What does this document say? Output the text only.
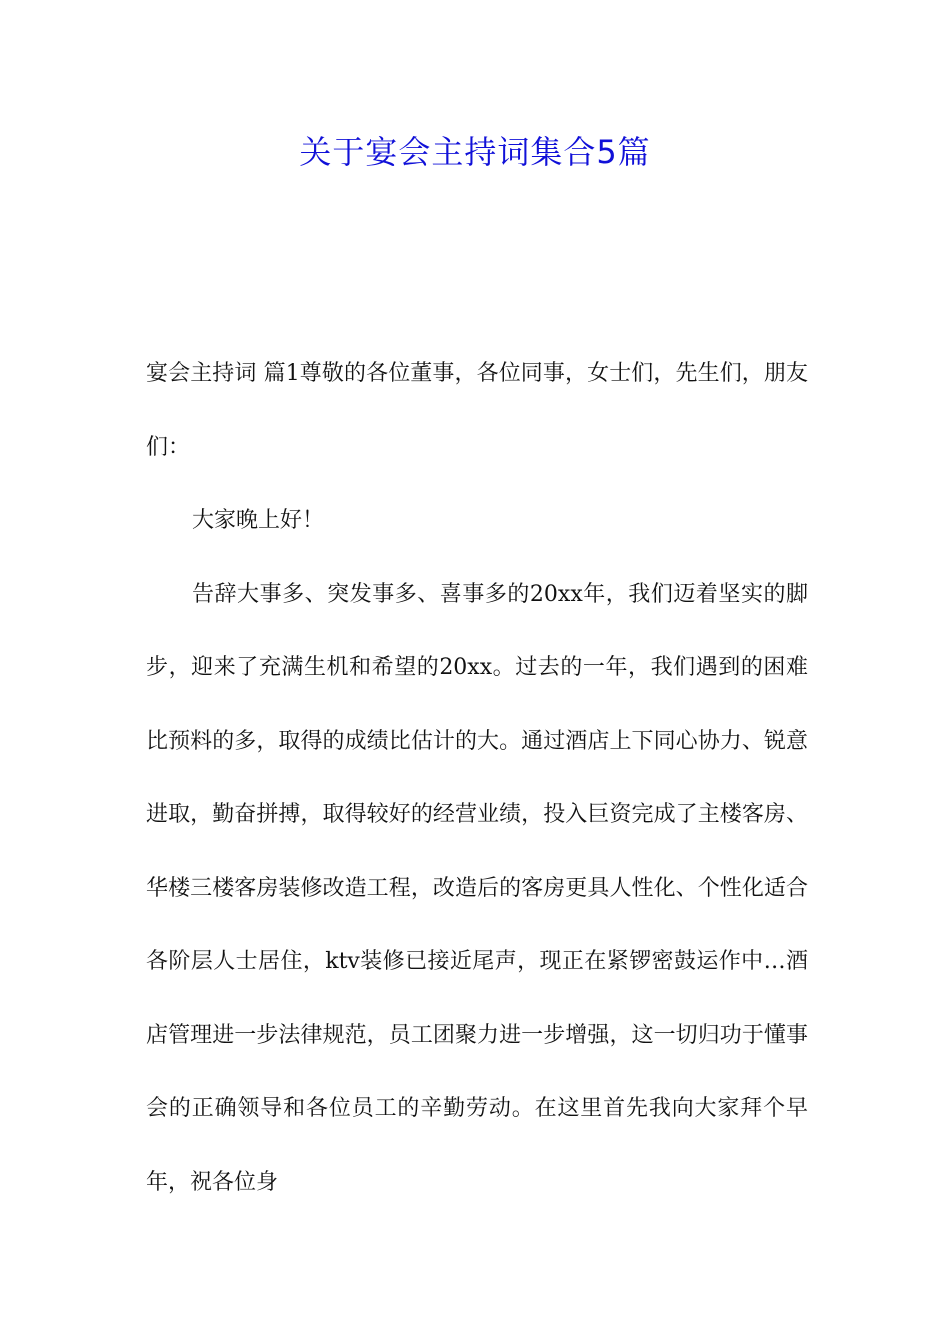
关于宴会主持词集合5篇

宴会主持词 篇1尊敬的各位董事，各位同事，女士们，先生们，朋友们：

大家晚上好！

告辞大事多、突发事多、喜事多的20xx年，我们迈着坚实的脚步，迎来了充满生机和希望的20xx。过去的一年，我们遇到的困难比预料的多，取得的成绩比估计的大。通过酒店上下同心协力、锐意进取，勤奋拼搏，取得较好的经营业绩，投入巨资完成了主楼客房、华楼三楼客房装修改造工程，改造后的客房更具人性化、个性化适合各阶层人士居住，ktv装修已接近尾声，现正在紧锣密鼓运作中…酒店管理进一步法律规范，员工团聚力进一步增强，这一切归功于懂事会的正确领导和各位员工的辛勤劳动。在这里首先我向大家拜个早年，祝各位身
